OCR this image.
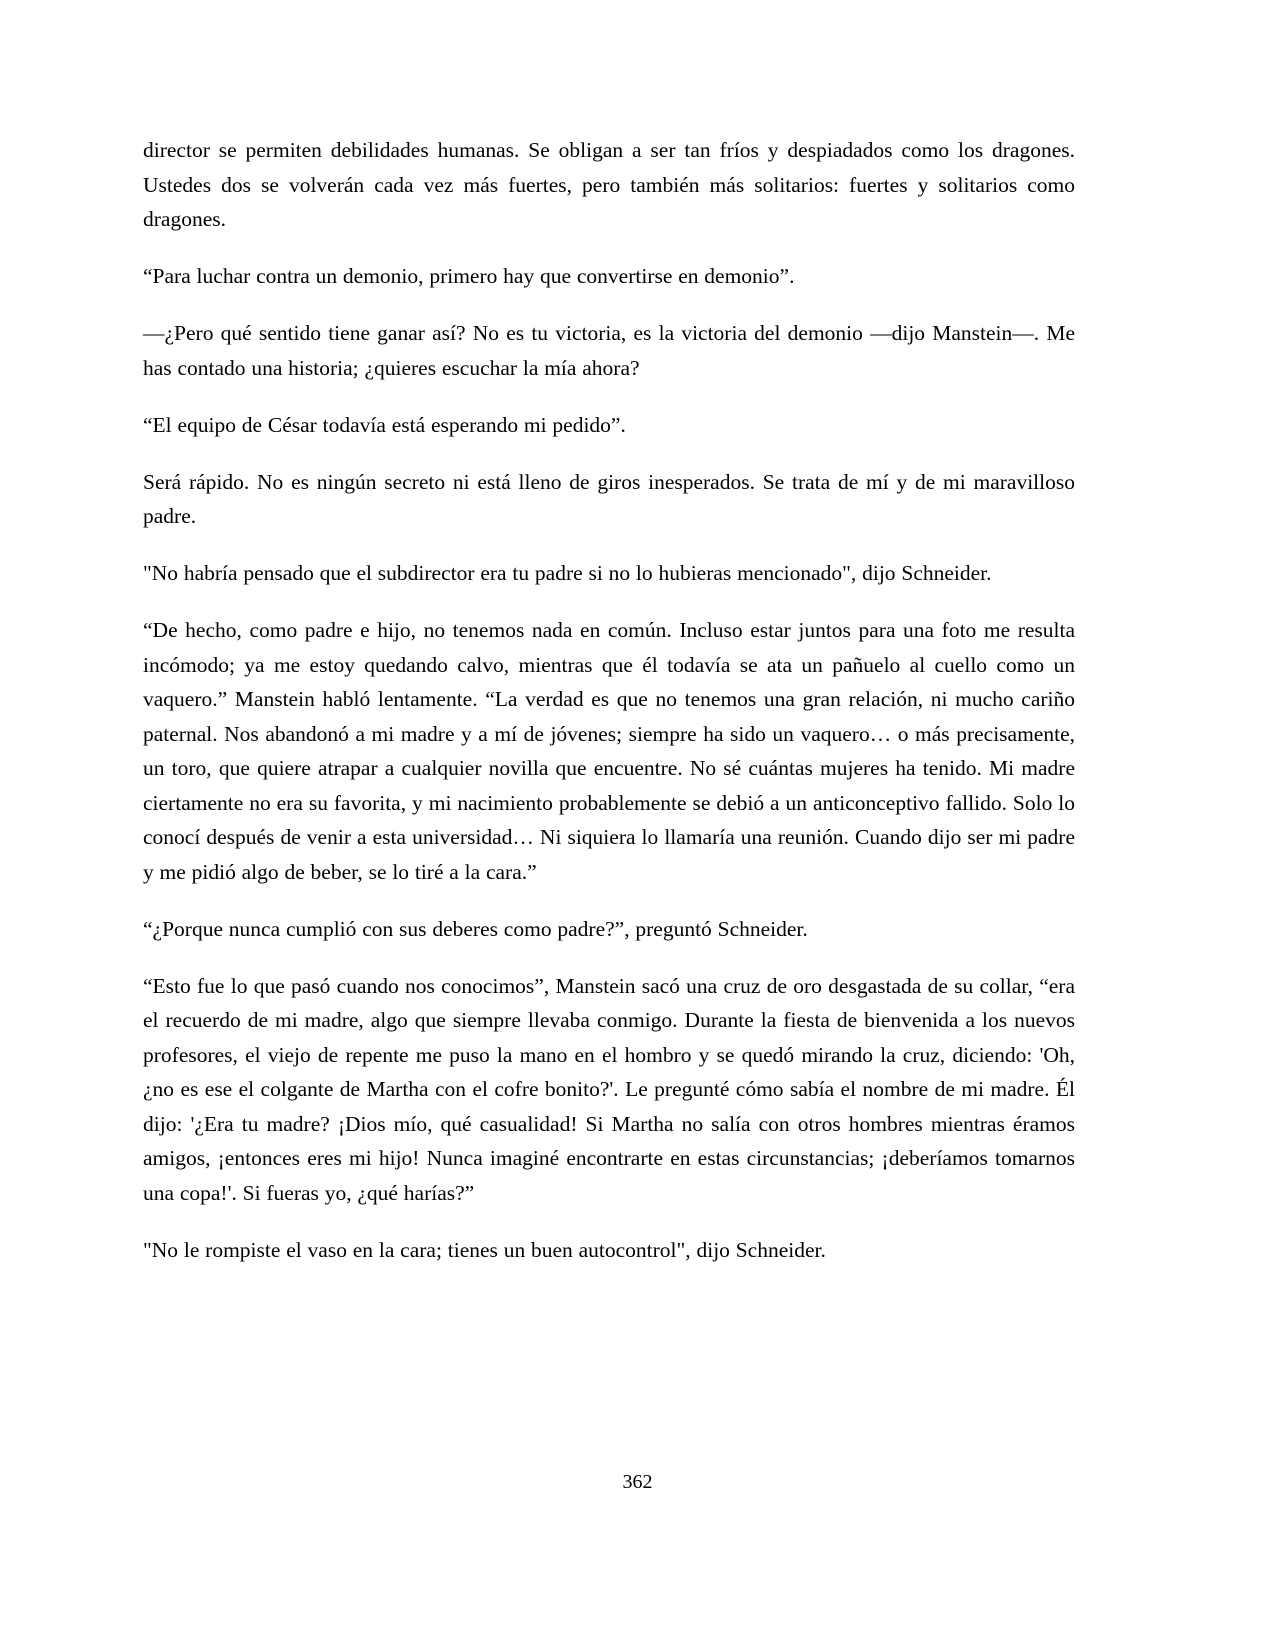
director se permiten debilidades humanas. Se obligan a ser tan fríos y despiadados como los dragones. Ustedes dos se volverán cada vez más fuertes, pero también más solitarios: fuertes y solitarios como dragones.

“Para luchar contra un demonio, primero hay que convertirse en demonio”.

—¿Pero qué sentido tiene ganar así? No es tu victoria, es la victoria del demonio —dijo Manstein—. Me has contado una historia; ¿quieres escuchar la mía ahora?

“El equipo de César todavía está esperando mi pedido”.

Será rápido. No es ningún secreto ni está lleno de giros inesperados. Se trata de mí y de mi maravilloso padre.

"No habría pensado que el subdirector era tu padre si no lo hubieras mencionado", dijo Schneider.

“De hecho, como padre e hijo, no tenemos nada en común. Incluso estar juntos para una foto me resulta incómodo; ya me estoy quedando calvo, mientras que él todavía se ata un pañuelo al cuello como un vaquero.” Manstein habló lentamente. “La verdad es que no tenemos una gran relación, ni mucho cariño paternal. Nos abandonó a mi madre y a mí de jóvenes; siempre ha sido un vaquero… o más precisamente, un toro, que quiere atrapar a cualquier novilla que encuentre. No sé cuántas mujeres ha tenido. Mi madre ciertamente no era su favorita, y mi nacimiento probablemente se debió a un anticonceptivo fallido. Solo lo conocí después de venir a esta universidad… Ni siquiera lo llamaría una reunión. Cuando dijo ser mi padre y me pidió algo de beber, se lo tiré a la cara.”

“¿Porque nunca cumplió con sus deberes como padre?”, preguntó Schneider.

“Esto fue lo que pasó cuando nos conocimos”, Manstein sacó una cruz de oro desgastada de su collar, “era el recuerdo de mi madre, algo que siempre llevaba conmigo. Durante la fiesta de bienvenida a los nuevos profesores, el viejo de repente me puso la mano en el hombro y se quedó mirando la cruz, diciendo: 'Oh, ¿no es ese el colgante de Martha con el cofre bonito?'. Le pregunté cómo sabía el nombre de mi madre. Él dijo: '¿Era tu madre? ¡Dios mío, qué casualidad! Si Martha no salía con otros hombres mientras éramos amigos, ¡entonces eres mi hijo! Nunca imaginé encontrarte en estas circunstancias; ¡deberíamos tomarnos una copa!'. Si fueras yo, ¿qué harías?”

"No le rompiste el vaso en la cara; tienes un buen autocontrol", dijo Schneider.

362
